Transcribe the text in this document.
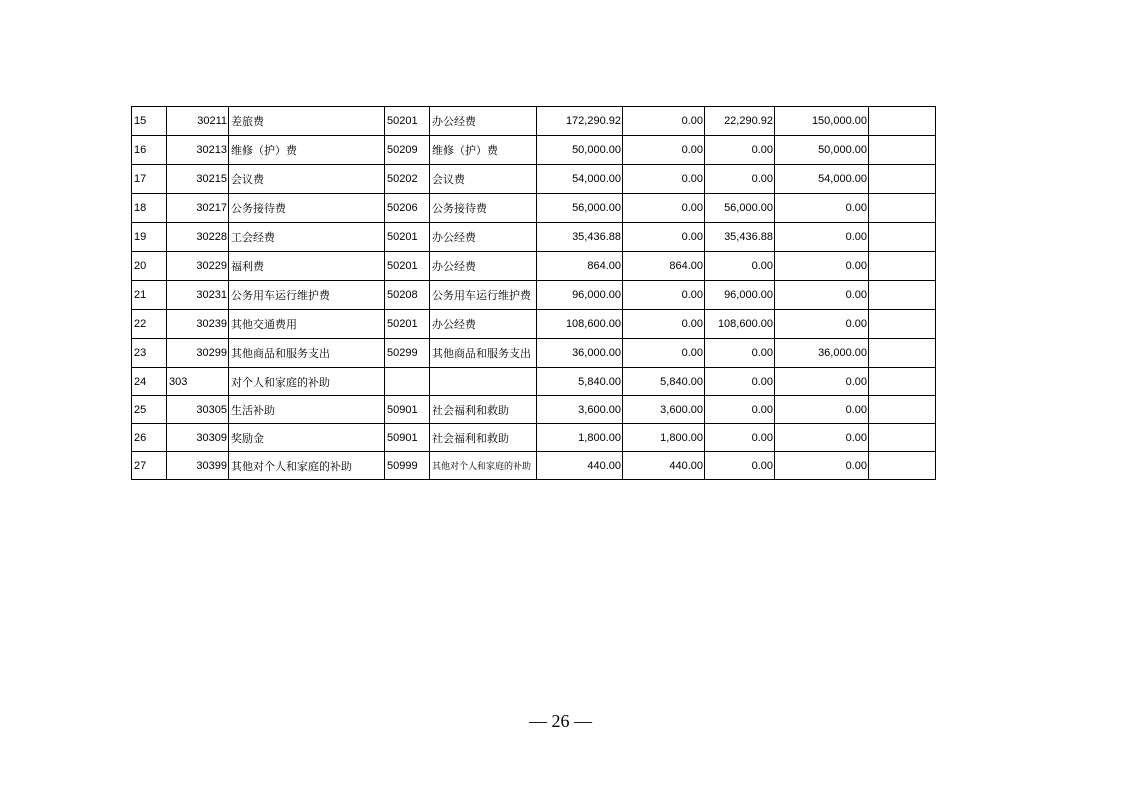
15	30211	差旅费	50201	办公经费	172,290.92	0.00	22,290.92	150,000.00	
16	30213	维修（护）费	50209	维修（护）费	50,000.00	0.00	0.00	50,000.00	
17	30215	会议费	50202	会议费	54,000.00	0.00	0.00	54,000.00	
18	30217	公务接待费	50206	公务接待费	56,000.00	0.00	56,000.00	0.00	
19	30228	工会经费	50201	办公经费	35,436.88	0.00	35,436.88	0.00	
20	30229	福利费	50201	办公经费	864.00	864.00	0.00	0.00	
21	30231	公务用车运行维护费	50208	公务用车运行维护费	96,000.00	0.00	96,000.00	0.00	
22	30239	其他交通费用	50201	办公经费	108,600.00	0.00	108,600.00	0.00	
23	30299	其他商品和服务支出	50299	其他商品和服务支出	36,000.00	0.00	0.00	36,000.00	
24	303	对个人和家庭的补助			5,840.00	5,840.00	0.00	0.00	
25	30305	生活补助	50901	社会福利和救助	3,600.00	3,600.00	0.00	0.00	
26	30309	奖励金	50901	社会福利和救助	1,800.00	1,800.00	0.00	0.00	
27	30399	其他对个人和家庭的补助	50999	其他对个人和家庭的补助	440.00	440.00	0.00	0.00	
— 26 —
